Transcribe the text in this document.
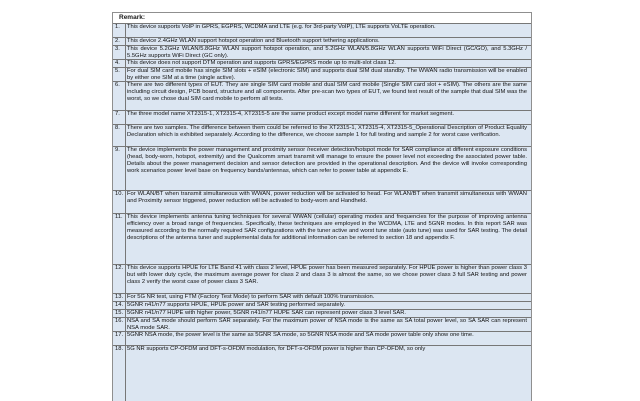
Remark:
1. This device supports VoIP in GPRS, EGPRS, WCDMA and LTE (e.g. for 3rd-party VoIP), LTE supports VoLTE operation.
2. This device 2.4GHz WLAN support hotspot operation and Bluetooth support tethering applications.
3. This device 5.2GHz WLAN/5.8GHz WLAN support hotspot operation, and 5.2GHz WLAN/5.8GHz WLAN supports WiFi Direct (GC/GO), and 5.3GHz / 5.5GHz supports WiFi Direct (GC only).
4. This device does not support DTM operation and supports GPRS/EGPRS mode up to multi-slot class 12.
5. For dual SIM card mobile has single SIM slots + eSIM (electronic SIM) and supports dual SIM dual standby. The WWAN radio transmission will be enabled by either one SIM at a time (single active).
6. There are two different types of EUT. They are single SIM card mobile and dual SIM card mobile (Single SIM card slot + eSIM). The others are the same including circuit design, PCB board, structure and all components. After pre-scan two types of EUT, we found test result of the sample that dual SIM was the worst, so we chose dual SIM card mobile to perform all tests.
7. The three model name XT2315-1, XT2315-4, XT2315-5 are the same product except model name different for market segment.
8. There are two samples. The difference between them could be referred to the XT2315-1, XT2315-4, XT2315-5_Operational Description of Product Equality Declaration which is exhibited separately. According to the difference, we choose sample 1 for full testing and sample 2 for worst case verification.
9. The device implements the power management and proximity sensor /receiver detection/hotspot mode for SAR compliance at different exposure conditions (head, body-worn, hotspot, extremity) and the Qualcomm smart transmit will manage to ensure the power level not exceeding the associated power table. Details about the power management decision and sensor detection are provided in the operational description. And the device will invoke corresponding work scenarios power level base on frequency bands/antennas, which can refer to power table at appendix E.
10. For WLAN/BT when transmit simultaneous with WWAN, power reduction will be activated to head. For WLAN/BT when transmit simultaneous with WWAN and Proximity sensor triggered, power reduction will be activated to body-worn and Handheld.
11. This device implements antenna tuning techniques for several WWAN (cellular) operating modes and frequencies for the purpose of improving antenna efficiency over a broad range of frequencies. Specifically, these techniques are employed in the WCDMA, LTE and 5GNR modes. In this report SAR was measured according to the normally required SAR configurations with the tuner active and worst tune state (auto tune) was used for SAR testing. The detail descriptions of the antenna tuner and supplemental data for additional information can be referred to section 18 and appendix F.
12. This device supports HPUE for LTE Band 41 with class 2 level, HPUE power has been measured separately. For HPUE power is higher than power class 3 but with lower duty cycle, the maximum average power for class 2 and class 3 is almost the same, so we chose power class 3 full SAR testing and power class 2 verify the worst case of power class 3 SAR.
13. For 5G NR test, using FTM (Factory Test Mode) to perform SAR with default 100% transmission.
14. 5GNR n41/n77 supports HPUE, HPUE power and SAR testing performed separately.
15. 5GNR n41/n77 HUPE with higher power, 5GNR n41/n77 HUPE SAR can represent power class 3 level SAR.
16. NSA and SA mode should perform SAR separately. For the maximum power of NSA mode is the same as SA total power level, so SA SAR can represent NSA mode SAR.
17. 5GNR NSA mode, the power level is the same as 5GNR SA mode, so 5GNR NSA mode and SA mode power table only show one time.
18. 5G NR supports CP-OFDM and DFT-s-OFDM modulation, for DFT-s-OFDM power is higher than CP-OFDM, so only
